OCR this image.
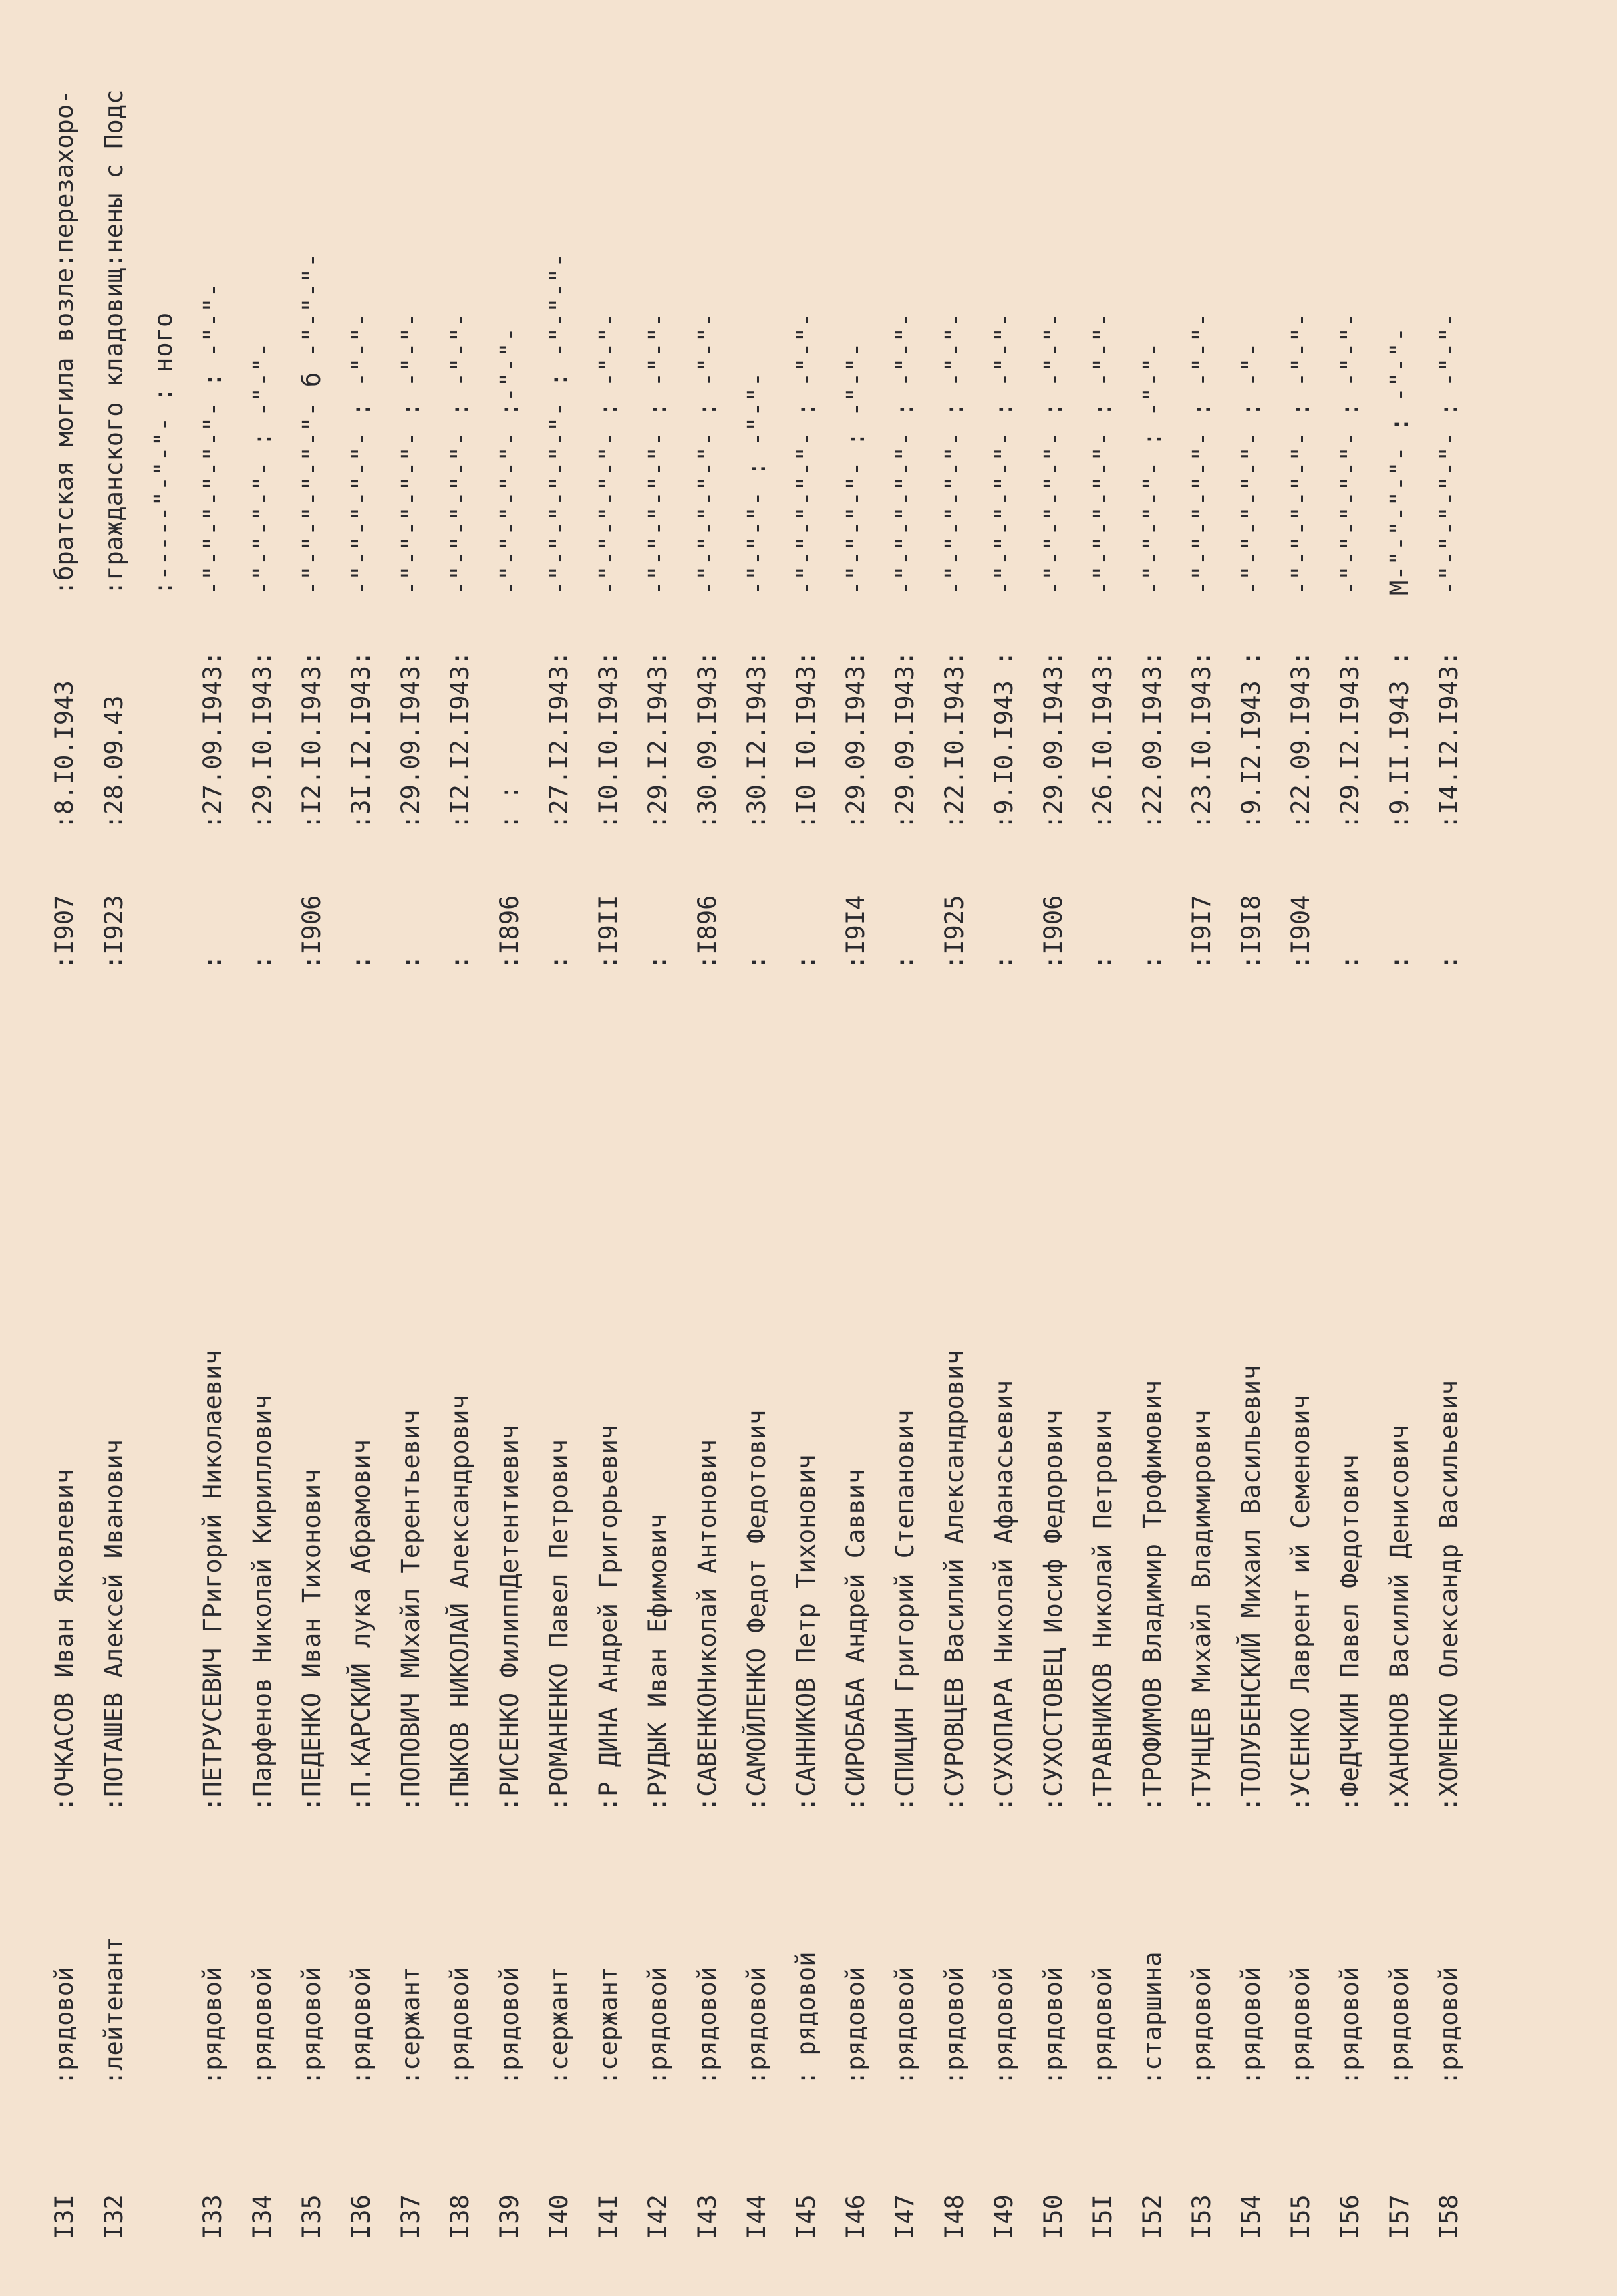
I3I
:рядовой
:ОЧКАСОВ Иван Яковлевич
:I907
:8.I0.I943
:братская могила возле:перезахоро-
I32
:лейтенант
:ПОТАШЕВ Алексей Иванович
:I923
:28.09.43
:гражданского кладовищ:нены с Подс :-----"-"-"- : ного
I33
:рядовой
:ПЕТРУСЕВИЧ ГРигорий Николаевич
:
:27.09.I943:
-"-"-"-"-"-"- : -"-"-
I34
:рядовой
:Парфенов Николай Кириллович
:
:29.I0.I943:
-"-"-"-"- : -"-"-
I35
:рядовой
:ПЕДЕНКО Иван Тихонович
:I906
:I2.I0.I943:
-"-"-"-"-"-"- б -"-"-"-
I36
:рядовой
:П.КАРСКИЙ лука Абрамович
:
:3I.I2.I943:
-"-"-"-"-"- : -"-"-
I37
:сержант
:ПОПОВИЧ МИхайл Терентьевич
:
:29.09.I943:
-"-"-"-"-"- : -"-"-
I38
:рядовой
:ПЫКОВ НИКОЛАЙ Александрович
:
:I2.I2.I943:
-"-"-"-"-"- : -"-"-
I39
:рядовой
:РИСЕНКО ФилиппДетентиевич
:I896
: :
-"-"-"-"-"- :-"-"-
I40
:сержант
:РОМАНЕНКО Павел Петрович
:
:27.I2.I943:
-"-"-"-"-"-"- : -"-"-"-
I4I
:сержант
:Р ДИНА Андрей Григорьевич
:I9II
:I0.I0.I943:
-"-"-"-"-"- : -"-"-
I42
:рядовой
:РУДЫК Иван Ефимович
:
:29.I2.I943:
-"-"-"-"-"- : -"-"-
I43
:рядовой
:САВЕНКОНиколай Антонович
:I896
:30.09.I943:
-"-"-"-"-"- : -"-"-
I44
:рядовой
:САМОЙЛЕНКО Федот Федотович
:
:30.I2.I943:
-"-"-"- : -"-"-
I45
: рядовой
:САННИКОВ Петр Тихонович
:
:I0 I0.I943:
-"-"-"-"-"- : -"-"-
I46
:рядовой
:СИРОБАБА Андрей Саввич
:I9I4
:29.09.I943:
-"-"-"-"- : -"-"-
I47
:рядовой
:СПИЦИН Григорий Степанович
:
:29.09.I943:
-"-"-"-"-"- : -"-"-
I48
:рядовой
:СУРОВЦЕВ Василий Александрович
:I925
:22.I0.I943:
-"-"-"-"-"- : -"-"-
I49
:рядовой
:СУХОПАРА Николай Афанасьевич
:
:9.I0.I943 :
-"-"-"-"-"- : -"-"-
I50
:рядовой
:СУХОСТОВЕЦ Иосиф Федорович
:I906
:29.09.I943:
-"-"-"-"-"- : -"-"-
I5I
:рядовой
:ТРАВНИКОВ Николай Петрович
:
:26.I0.I943:
-"-"-"-"-"- : -"-"-
I52
:старшина
:ТРОФИМОВ Владимир Трофимович
:
:22.09.I943:
-"-"-"-"- : -"-"-
I53
:рядовой
:ТУНЦЕВ Михайл Владимирович
:I9I7
:23.I0.I943:
-"-"-"-"-"- : -"-"-
I54
:рядовой
:ТОЛУБЕНСКИЙ Михаил Васильевич
:I9I8
:9.I2.I943 :
-"-"-"-"-"- : -"-
I55
:рядовой
:УСЕНКО Лаврент ий Семенович
:I904
:22.09.I943:
-"-"-"-"-"- : -"-"-
I56
:рядовой
:ФеДЧКИН Павел Федотович
:
:29.I2.I943:
-"-"-"-"-"- : -"-"-
I57
:рядовой
:ХАНОНОВ Василий Денисович
:
:9.II.I943 :
М-"-"-"-"- : -"-"-
I58
:рядовой
:ХОМЕНКО Олександр Васильевич
:
:I4.I2.I943:
-"-"-"-"-"- : -"-"-
